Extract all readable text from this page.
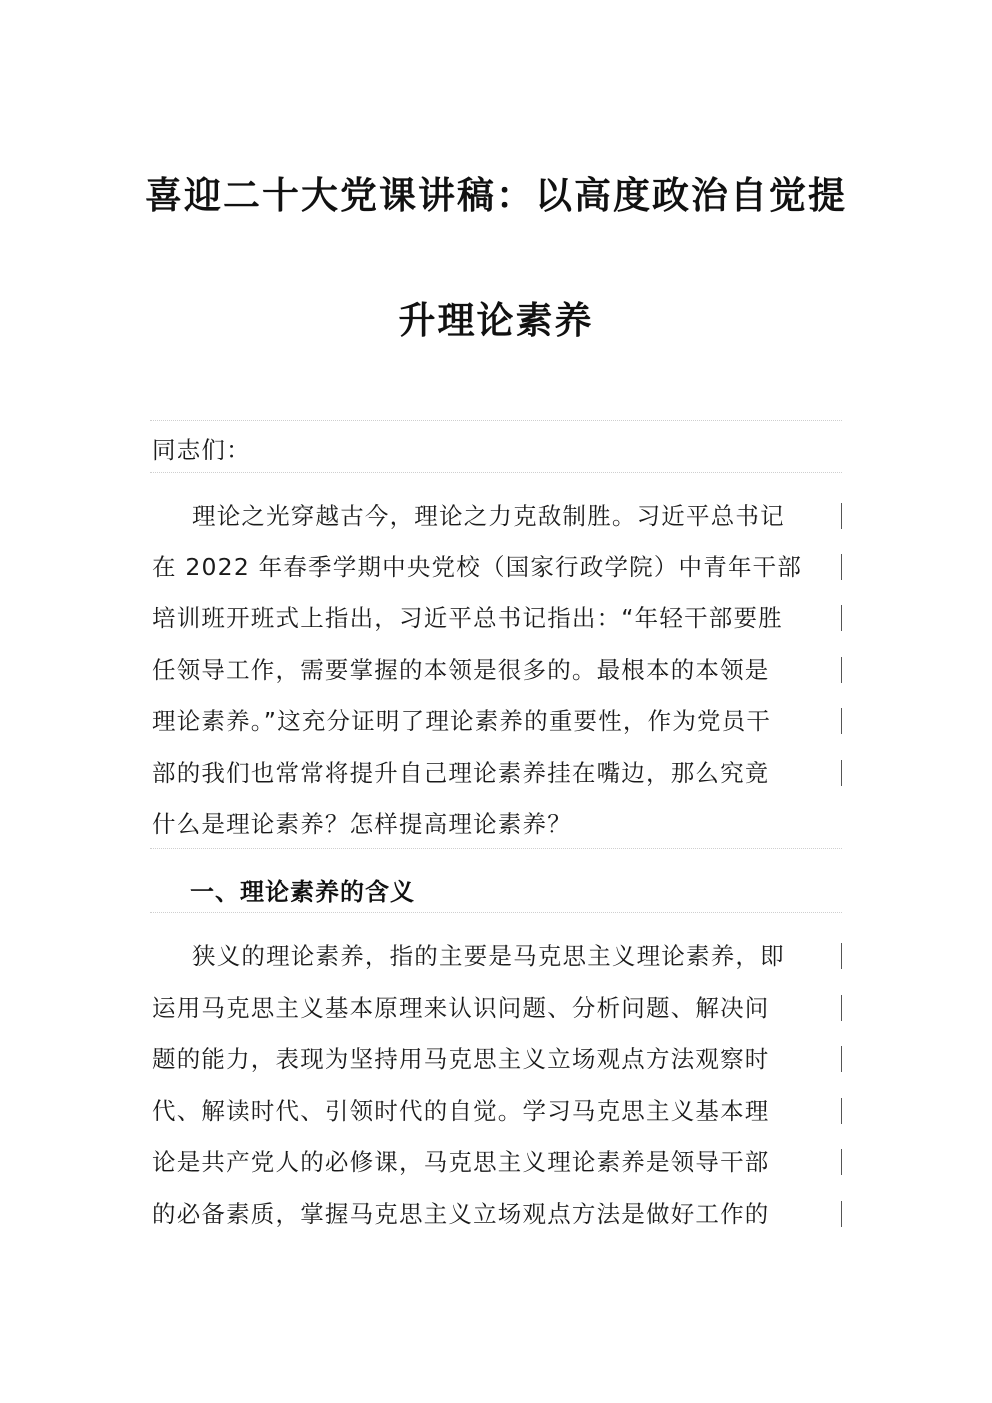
喜迎二十大党课讲稿：以高度政治自觉提
升理论素养
同志们：
理论之光穿越古今，理论之力克敌制胜。习近平总书记
在 2022 年春季学期中央党校（国家行政学院）中青年干部
培训班开班式上指出，习近平总书记指出：“年轻干部要胜
任领导工作，需要掌握的本领是很多的。最根本的本领是
理论素养。”这充分证明了理论素养的重要性，作为党员干
部的我们也常常将提升自己理论素养挂在嘴边，那么究竟
什么是理论素养？怎样提高理论素养？
一、理论素养的含义
狭义的理论素养，指的主要是马克思主义理论素养，即
运用马克思主义基本原理来认识问题、分析问题、解决问
题的能力，表现为坚持用马克思主义立场观点方法观察时
代、解读时代、引领时代的自觉。学习马克思主义基本理
论是共产党人的必修课，马克思主义理论素养是领导干部
的必备素质，掌握马克思主义立场观点方法是做好工作的
